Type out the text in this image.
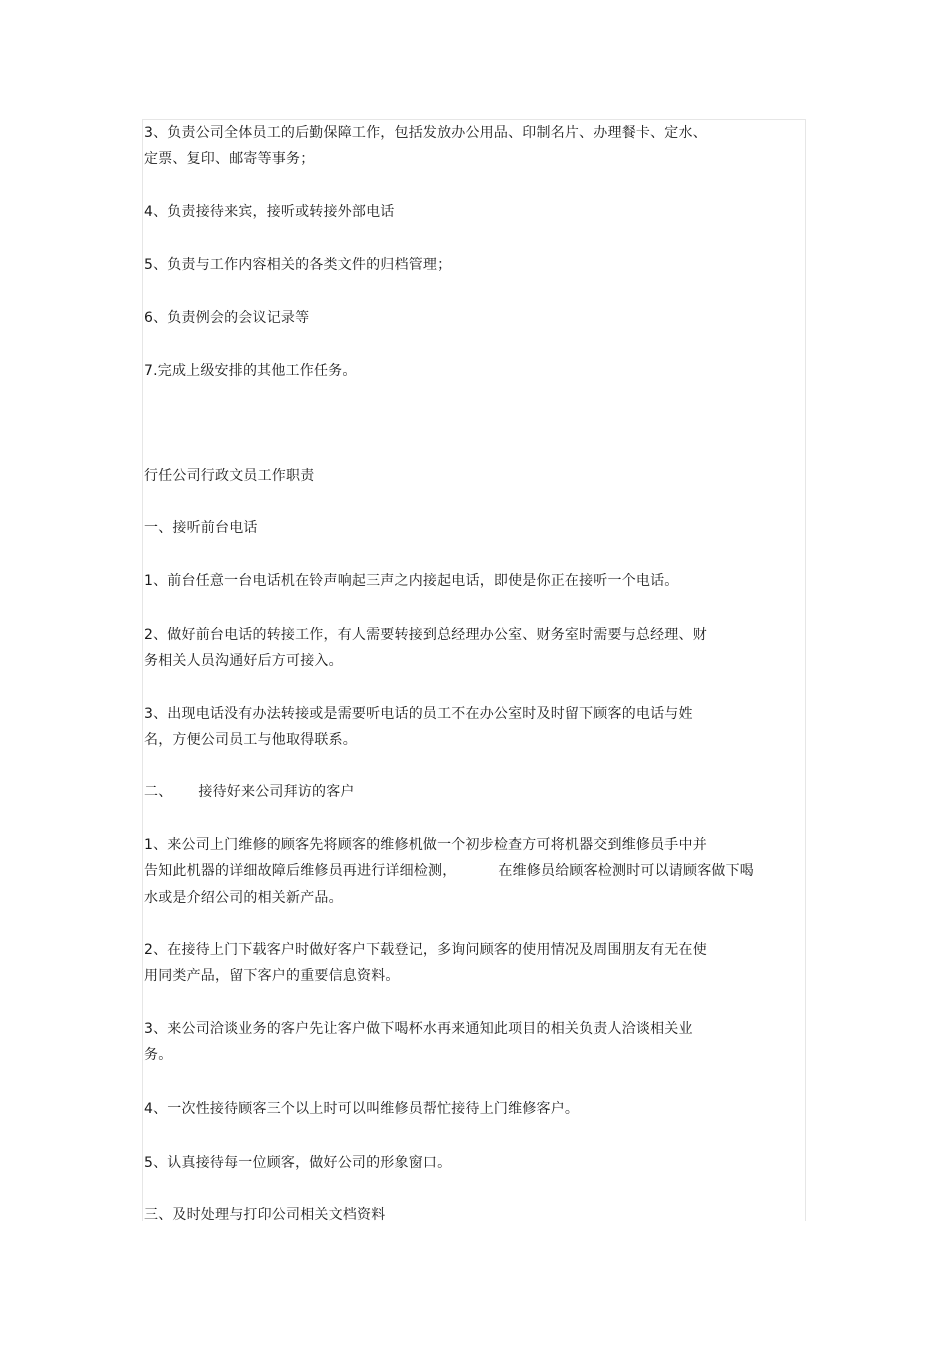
3、负责公司全体员工的后勤保障工作，包括发放办公用品、印制名片、办理餐卡、定水、
定票、复印、邮寄等事务；
4、负责接待来宾，接听或转接外部电话
5、负责与工作内容相关的各类文件的归档管理；
6、负责例会的会议记录等
7.完成上级安排的其他工作任务。
行任公司行政文员工作职责
一、接听前台电话
1、前台任意一台电话机在铃声响起三声之内接起电话，即使是你正在接听一个电话。
2、做好前台电话的转接工作，有人需要转接到总经理办公室、财务室时需要与总经理、财
务相关人员沟通好后方可接入。
3、出现电话没有办法转接或是需要听电话的员工不在办公室时及时留下顾客的电话与姓
名，方便公司员工与他取得联系。
二、 接待好来公司拜访的客户
1、来公司上门维修的顾客先将顾客的维修机做一个初步检查方可将机器交到维修员手中并
告知此机器的详细故障后维修员再进行详细检测，	在维修员给顾客检测时可以请顾客做下喝
水或是介绍公司的相关新产品。
2、在接待上门下载客户时做好客户下载登记，多询问顾客的使用情况及周围朋友有无在使
用同类产品，留下客户的重要信息资料。
3、来公司洽谈业务的客户先让客户做下喝杯水再来通知此项目的相关负责人洽谈相关业
务。
4、一次性接待顾客三个以上时可以叫维修员帮忙接待上门维修客户。
5、认真接待每一位顾客，做好公司的形象窗口。
三、及时处理与打印公司相关文档资料
